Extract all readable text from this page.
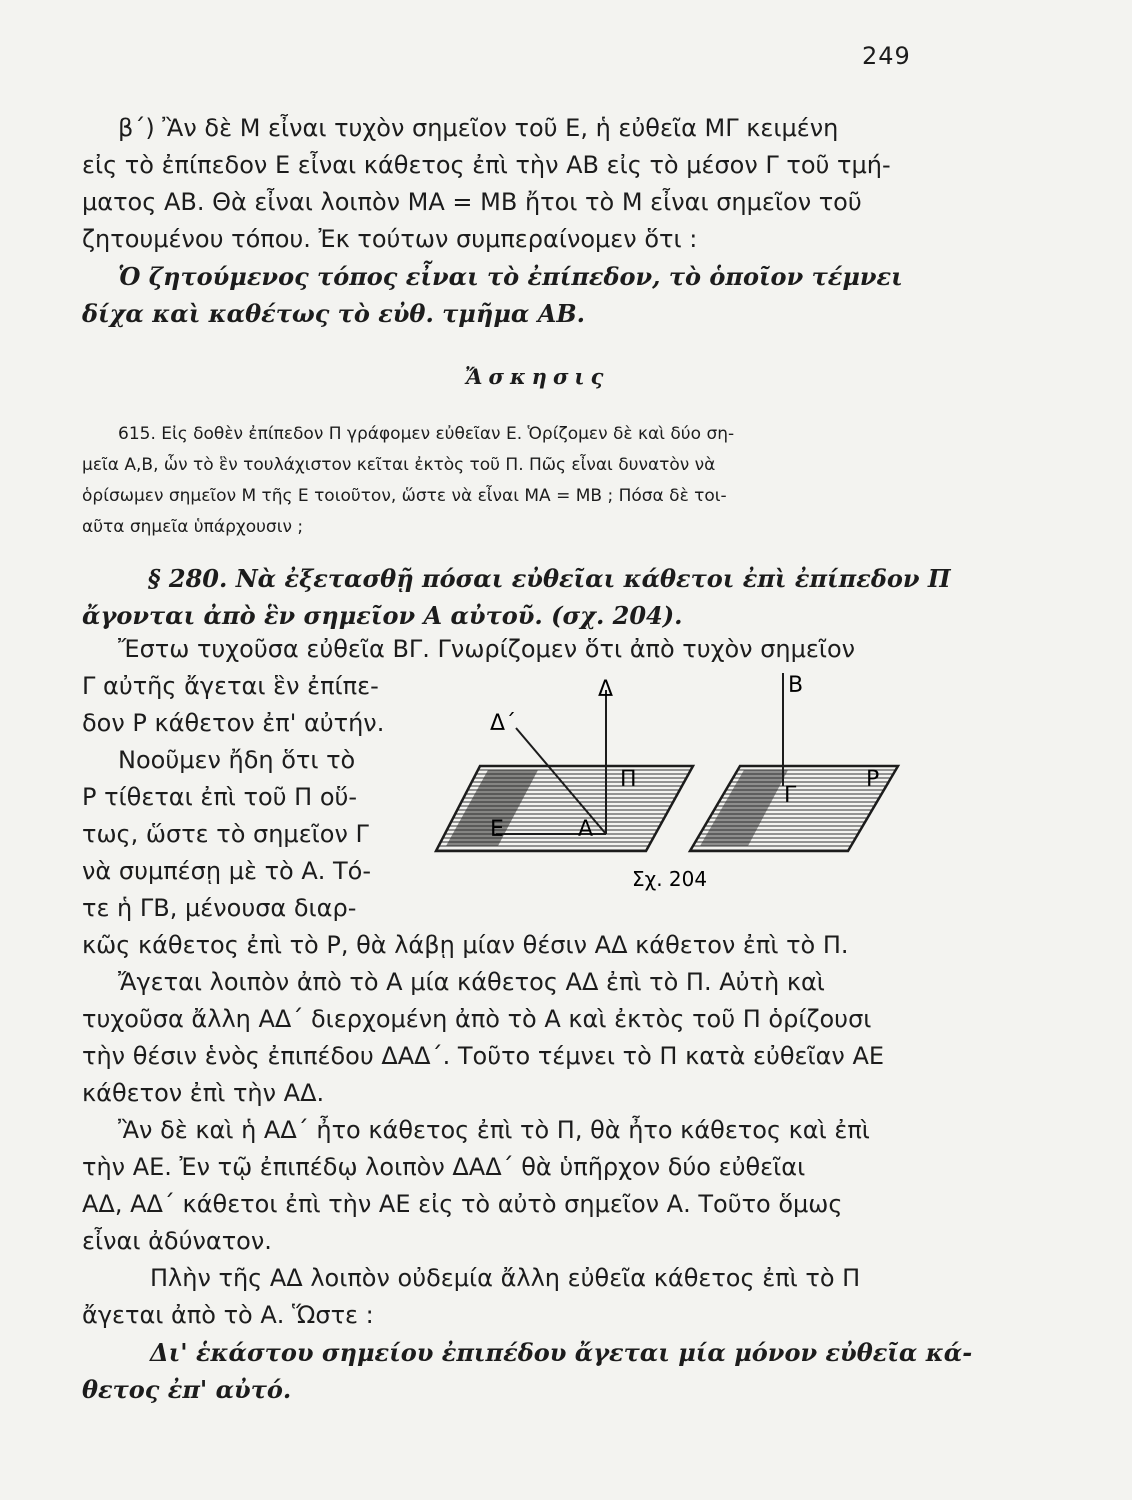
249
β΄) Ἂν δὲ Μ εἶναι τυχὸν σημεῖον τοῦ Ε, ἡ εὐθεῖα ΜΓ κειμένη
εἰς τὸ ἐπίπεδον Ε εἶναι κάθετος ἐπὶ τὴν ΑΒ εἰς τὸ μέσον Γ τοῦ τμή-
ματος ΑΒ. Θὰ εἶναι λοιπὸν ΜΑ = ΜΒ ἤτοι τὸ Μ εἶναι σημεῖον τοῦ
ζητουμένου τόπου. Ἐκ τούτων συμπεραίνομεν ὅτι :
Ὁ ζητούμενος τόπος εἶναι τὸ ἐπίπεδον, τὸ ὁποῖον τέμνει
δίχα καὶ καθέτως τὸ εὐθ. τμῆμα ΑΒ.
Ἄσκησις
615. Εἰς δοθὲν ἐπίπεδον Π γράφομεν εὐθεῖαν Ε. Ὁρίζομεν δὲ καὶ δύο ση-
μεῖα Α,Β, ὧν τὸ ἓν τουλάχιστον κεῖται ἐκτὸς τοῦ Π. Πῶς εἶναι δυνατὸν νὰ
ὁρίσωμεν σημεῖον Μ τῆς Ε τοιοῦτον, ὥστε νὰ εἶναι ΜΑ = ΜΒ ; Πόσα δὲ τοι-
αῦτα σημεῖα ὑπάρχουσιν ;
§ 280. Νὰ ἐξετασθῇ πόσαι εὐθεῖαι κάθετοι ἐπὶ ἐπίπεδον Π
ἄγονται ἀπὸ ἓν σημεῖον Α αὐτοῦ. (σχ. 204).
Ἔστω τυχοῦσα εὐθεῖα ΒΓ. Γνωρίζομεν ὅτι ἀπὸ τυχὸν σημεῖον
Γ αὐτῆς ἄγεται ἓν ἐπίπε-
δον Ρ κάθετον ἐπ' αὐτήν.
Νοοῦμεν ἤδη ὅτι τὸ
Ρ τίθεται ἐπὶ τοῦ Π οὕ-
τως, ὥστε τὸ σημεῖον Γ
νὰ συμπέσῃ μὲ τὸ Α. Τό-
τε ἡ ΓΒ, μένουσα διαρ-
κῶς κάθετος ἐπὶ τὸ Ρ, θὰ λάβῃ μίαν θέσιν ΑΔ κάθετον ἐπὶ τὸ Π.
Ἄγεται λοιπὸν ἀπὸ τὸ Α μία κάθετος ΑΔ ἐπὶ τὸ Π. Αὐτὴ καὶ
τυχοῦσα ἄλλη ΑΔ΄ διερχομένη ἀπὸ τὸ Α καὶ ἐκτὸς τοῦ Π ὁρίζουσι
τὴν θέσιν ἑνὸς ἐπιπέδου ΔΑΔ΄. Τοῦτο τέμνει τὸ Π κατὰ εὐθεῖαν ΑΕ
κάθετον ἐπὶ τὴν ΑΔ.
Ἂν δὲ καὶ ἡ ΑΔ΄ ἦτο κάθετος ἐπὶ τὸ Π, θὰ ἦτο κάθετος καὶ ἐπὶ
τὴν ΑΕ. Ἐν τῷ ἐπιπέδῳ λοιπὸν ΔΑΔ΄ θὰ ὑπῆρχον δύο εὐθεῖαι
ΑΔ, ΑΔ΄ κάθετοι ἐπὶ τὴν ΑΕ εἰς τὸ αὐτὸ σημεῖον Α. Τοῦτο ὅμως
εἶναι ἀδύνατον.
Πλὴν τῆς ΑΔ λοιπὸν οὐδεμία ἄλλη εὐθεῖα κάθετος ἐπὶ τὸ Π
ἄγεται ἀπὸ τὸ Α. Ὥστε :
Δι' ἑκάστου σημείου ἐπιπέδου ἄγεται μία μόνον εὐθεῖα κά-
θετος ἐπ' αὐτό.
Δ
Δ΄
Π
Ε	Α
Β
Ρ
Γ
Σχ. 204
